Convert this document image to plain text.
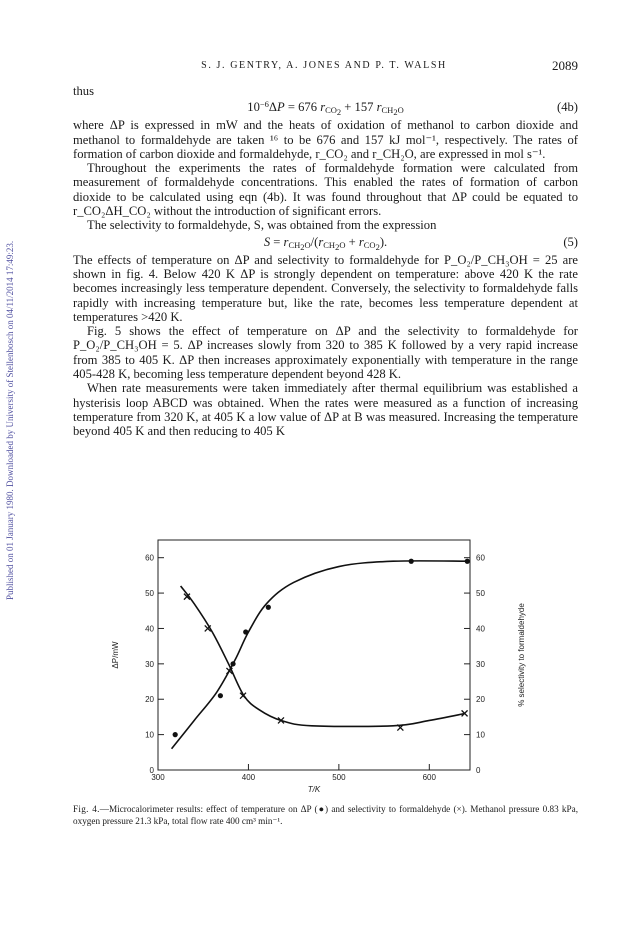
Published on 01 January 1980. Downloaded by University of Stellenbosch on 04/11/2014 17:49:23.
S. J. GENTRY, A. JONES AND P. T. WALSH	2089

thus

$10^{-6}\Delta P = 676$ $r_{CO_2} + 157$ $r_{CH_2O}$	(4b)

where ΔP is expressed in mW and the heats of oxidation of methanol to carbon dioxide and methanol to formaldehyde are taken ¹⁶ to be 676 and 157 kJ mol⁻¹, respectively. The rates of formation of carbon dioxide and formaldehyde, r_CO₂ and r_CH₂O, are expressed in mol s⁻¹.

Throughout the experiments the rates of formaldehyde formation were calculated from measurement of formaldehyde concentrations. This enabled the rates of formation of carbon dioxide to be calculated using eqn (4b). It was found throughout that ΔP could be equated to r_CO₂ΔH_CO₂ without the introduction of significant errors.

The selectivity to formaldehyde, S, was obtained from the expression

$S = r_{CH_2O}/(r_{CH_2O} + r_{CO_2})$.	(5)

The effects of temperature on ΔP and selectivity to formaldehyde for P_O₂/P_CH₃OH = 25 are shown in fig. 4. Below 420 K ΔP is strongly dependent on temperature: above 420 K the rate becomes increasingly less temperature dependent. Conversely, the selectivity to formaldehyde falls rapidly with increasing temperature but, like the rate, becomes less temperature dependent at temperatures >420 K.

Fig. 5 shows the effect of temperature on ΔP and the selectivity to formaldehyde for P_O₂/P_CH₃OH = 5. ΔP increases slowly from 320 to 385 K followed by a very rapid increase from 385 to 405 K. ΔP then increases approximately exponentially with temperature in the range 405-428 K, becoming less temperature dependent beyond 428 K.

When rate measurements were taken immediately after thermal equilibrium was established a hysterisis loop ABCD was obtained. When the rates were measured as a function of increasing temperature from 320 K, at 405 K a low value of ΔP at B was measured. Increasing the temperature beyond 405 K and then reducing to 405 K

ΔP/mW	% selectivity to formaldehyde
T/K
300	400	500	600
0
10
20
30
40
50
60
0
10
20
30
40
50
60
Fig. 4.—Microcalorimeter results: effect of temperature on ΔP (●) and selectivity to formaldehyde (×). Methanol pressure 0.83 kPa, oxygen pressure 21.3 kPa, total flow rate 400 cm³ min⁻¹.
